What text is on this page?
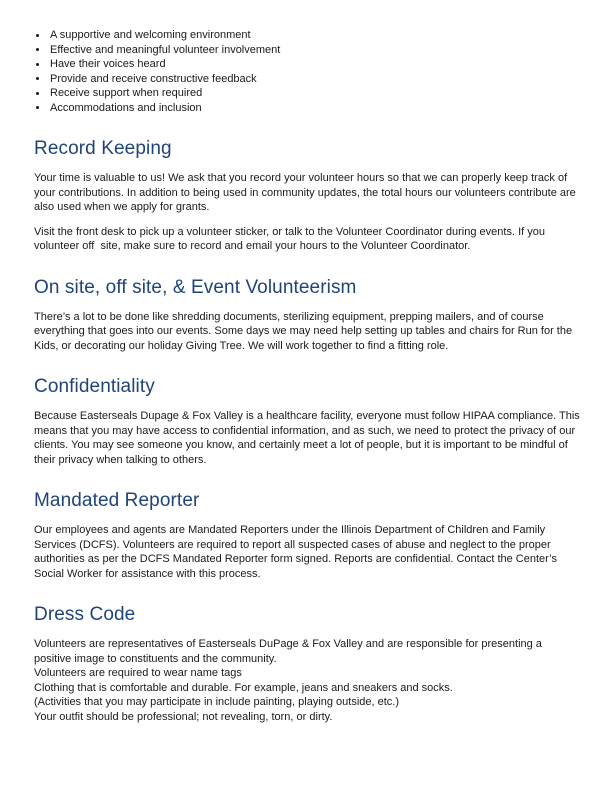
A supportive and welcoming environment
Effective and meaningful volunteer involvement
Have their voices heard
Provide and receive constructive feedback
Receive support when required
Accommodations and inclusion
Record Keeping

Your time is valuable to us! We ask that you record your volunteer hours so that we can properly keep track of your contributions. In addition to being used in community updates, the total hours our volunteers contribute are also used when we apply for grants.

Visit the front desk to pick up a volunteer sticker, or talk to the Volunteer Coordinator during events. If you volunteer off  site, make sure to record and email your hours to the Volunteer Coordinator.

On site, off site, & Event Volunteerism

There’s a lot to be done like shredding documents, sterilizing equipment, prepping mailers, and of course everything that goes into our events. Some days we may need help setting up tables and chairs for Run for the Kids, or decorating our holiday Giving Tree. We will work together to find a fitting role.

Confidentiality

Because Easterseals Dupage & Fox Valley is a healthcare facility, everyone must follow HIPAA compliance. This means that you may have access to confidential information, and as such, we need to protect the privacy of our clients. You may see someone you know, and certainly meet a lot of people, but it is important to be mindful of their privacy when talking to others.

Mandated Reporter

Our employees and agents are Mandated Reporters under the Illinois Department of Children and Family Services (DCFS). Volunteers are required to report all suspected cases of abuse and neglect to the proper authorities as per the DCFS Mandated Reporter form signed. Reports are confidential. Contact the Center’s Social Worker for assistance with this process.

Dress Code

Volunteers are representatives of Easterseals DuPage & Fox Valley and are responsible for presenting a positive image to constituents and the community.

Volunteers are required to wear name tags

Clothing that is comfortable and durable. For example, jeans and sneakers and socks.

(Activities that you may participate in include painting, playing outside, etc.)

Your outfit should be professional; not revealing, torn, or dirty.
